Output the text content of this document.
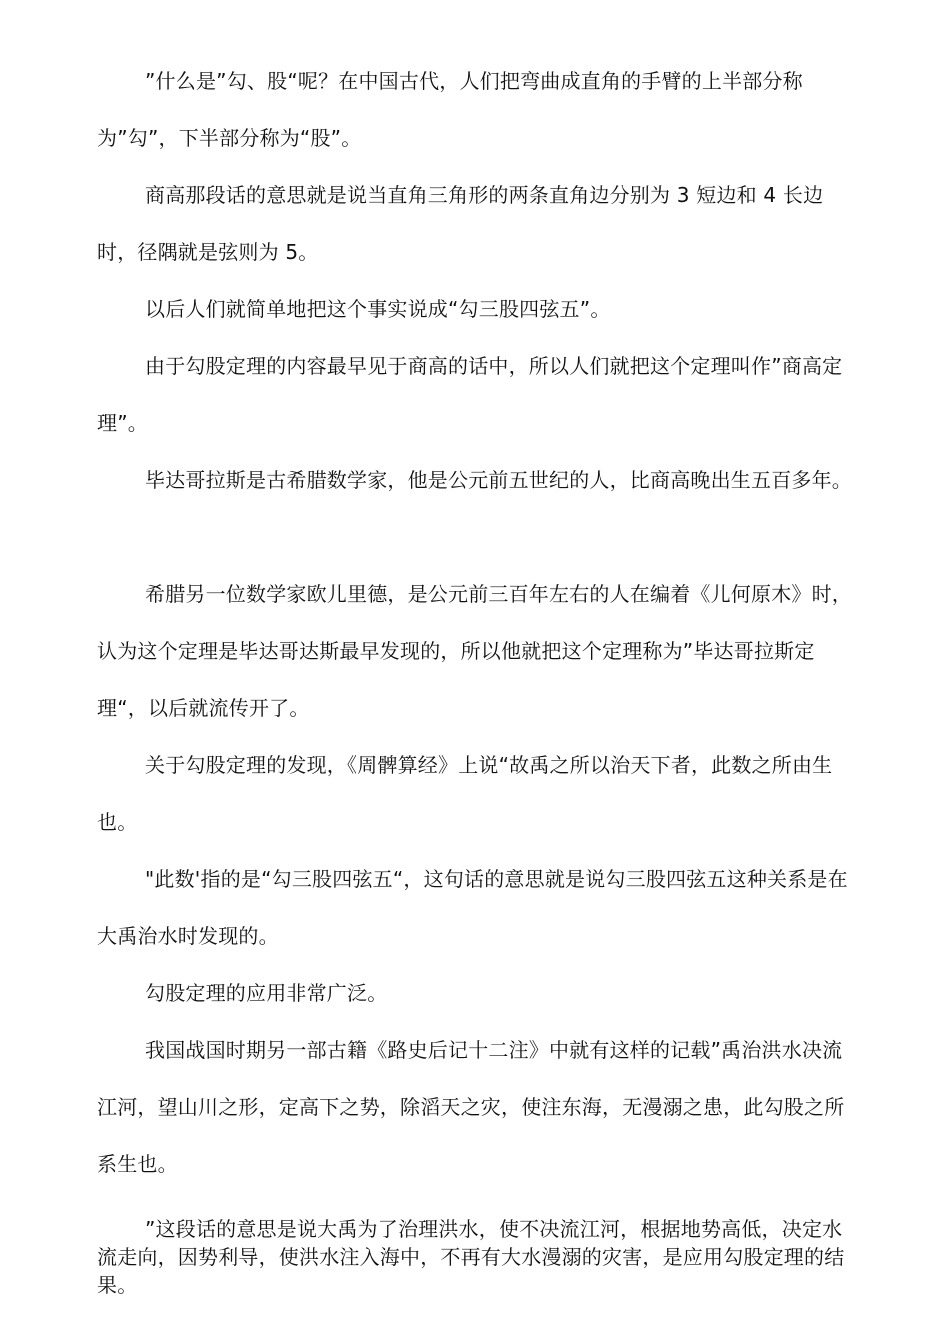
”什么是”勾、股“呢？在中国古代，人们把弯曲成直角的手臂的上半部分称为”勾”，下半部分称为“股”。

商高那段话的意思就是说当直角三角形的两条直角边分别为 3 短边和 4 长边时，径隅就是弦则为 5。

以后人们就简单地把这个事实说成“勾三股四弦五”。

由于勾股定理的内容最早见于商高的话中，所以人们就把这个定理叫作”商高定理”。

毕达哥拉斯是古希腊数学家，他是公元前五世纪的人，比商高晚出生五百多年。

希腊另一位数学家欧儿里德，是公元前三百年左右的人在编着《儿何原木》时，认为这个定理是毕达哥达斯最早发现的，所以他就把这个定理称为”毕达哥拉斯定理“，以后就流传开了。

关于勾股定理的发现，《周髀算经》上说“故禹之所以治天下者，此数之所由生也。

"此数'指的是“勾三股四弦五“，这句话的意思就是说勾三股四弦五这种关系是在大禹治水时发现的。

勾股定理的应用非常广泛。

我国战国时期另一部古籍《路史后记十二注》中就有这样的记载”禹治洪水决流江河，望山川之形，定高下之势，除滔天之灾，使注东海，无漫溺之患，此勾股之所系生也。

”这段话的意思是说大禹为了治理洪水，使不决流江河，根据地势高低，决定水流走向，因势利导，使洪水注入海中，不再有大水漫溺的灾害，是应用勾股定理的结果。
